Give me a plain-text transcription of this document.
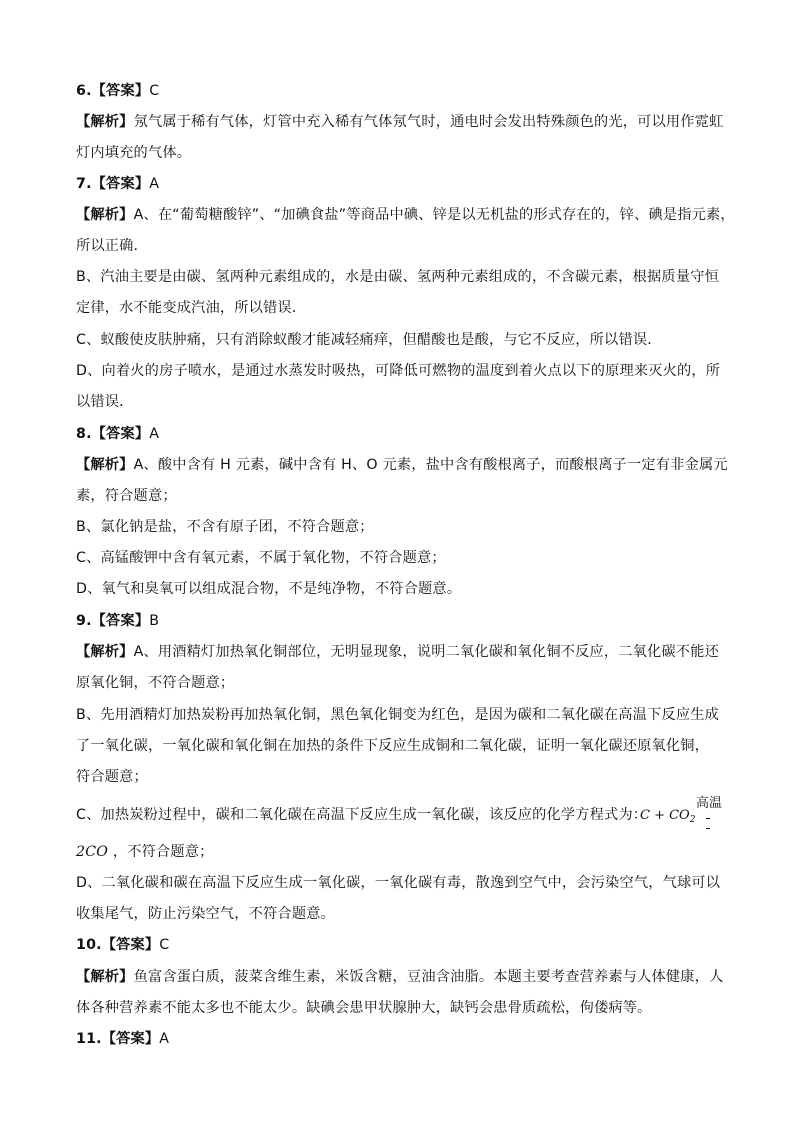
6.【答案】C
【解析】氖气属于稀有气体，灯管中充入稀有气体氖气时，通电时会发出特殊颜色的光，可以用作霓虹
灯内填充的气体。
7.【答案】A
【解析】A、在“葡萄糖酸锌”、“加碘食盐”等商品中碘、锌是以无机盐的形式存在的，锌、碘是指元素，
所以正确．
B、汽油主要是由碳、氢两种元素组成的，水是由碳、氢两种元素组成的，不含碳元素，根据质量守恒
定律，水不能变成汽油，所以错误．
C、蚁酸使皮肤肿痛，只有消除蚁酸才能减轻痛痒，但醋酸也是酸，与它不反应，所以错误．
D、向着火的房子喷水，是通过水蒸发时吸热，可降低可燃物的温度到着火点以下的原理来灭火的，所
以错误．
8.【答案】A
【解析】A、酸中含有 H 元素，碱中含有 H、O 元素，盐中含有酸根离子，而酸根离子一定有非金属元
素，符合题意；
B、氯化钠是盐，不含有原子团，不符合题意；
C、高锰酸钾中含有氧元素，不属于氧化物，不符合题意；
D、氧气和臭氧可以组成混合物，不是纯净物，不符合题意。
9.【答案】B
【解析】A、用酒精灯加热氧化铜部位，无明显现象，说明二氧化碳和氧化铜不反应，二氧化碳不能还
原氧化铜，不符合题意；
B、先用酒精灯加热炭粉再加热氧化铜，黑色氧化铜变为红色，是因为碳和二氧化碳在高温下反应生成
了一氧化碳，一氧化碳和氧化铜在加热的条件下反应生成铜和二氧化碳，证明一氧化碳还原氧化铜，
符合题意；
C、加热炭粉过程中，碳和二氧化碳在高温下反应生成一氧化碳，该反应的化学方程式为：
$C + CO_2$
高温
2CO ，不符合题意；
D、二氧化碳和碳在高温下反应生成一氧化碳，一氧化碳有毒，散逸到空气中，会污染空气，气球可以
收集尾气，防止污染空气，不符合题意。
10.【答案】C
【解析】鱼富含蛋白质，菠菜含维生素，米饭含糖，豆油含油脂。本题主要考查营养素与人体健康，人
体各种营养素不能太多也不能太少。缺碘会患甲状腺肿大，缺钙会患骨质疏松，佝偻病等。
11.【答案】A
